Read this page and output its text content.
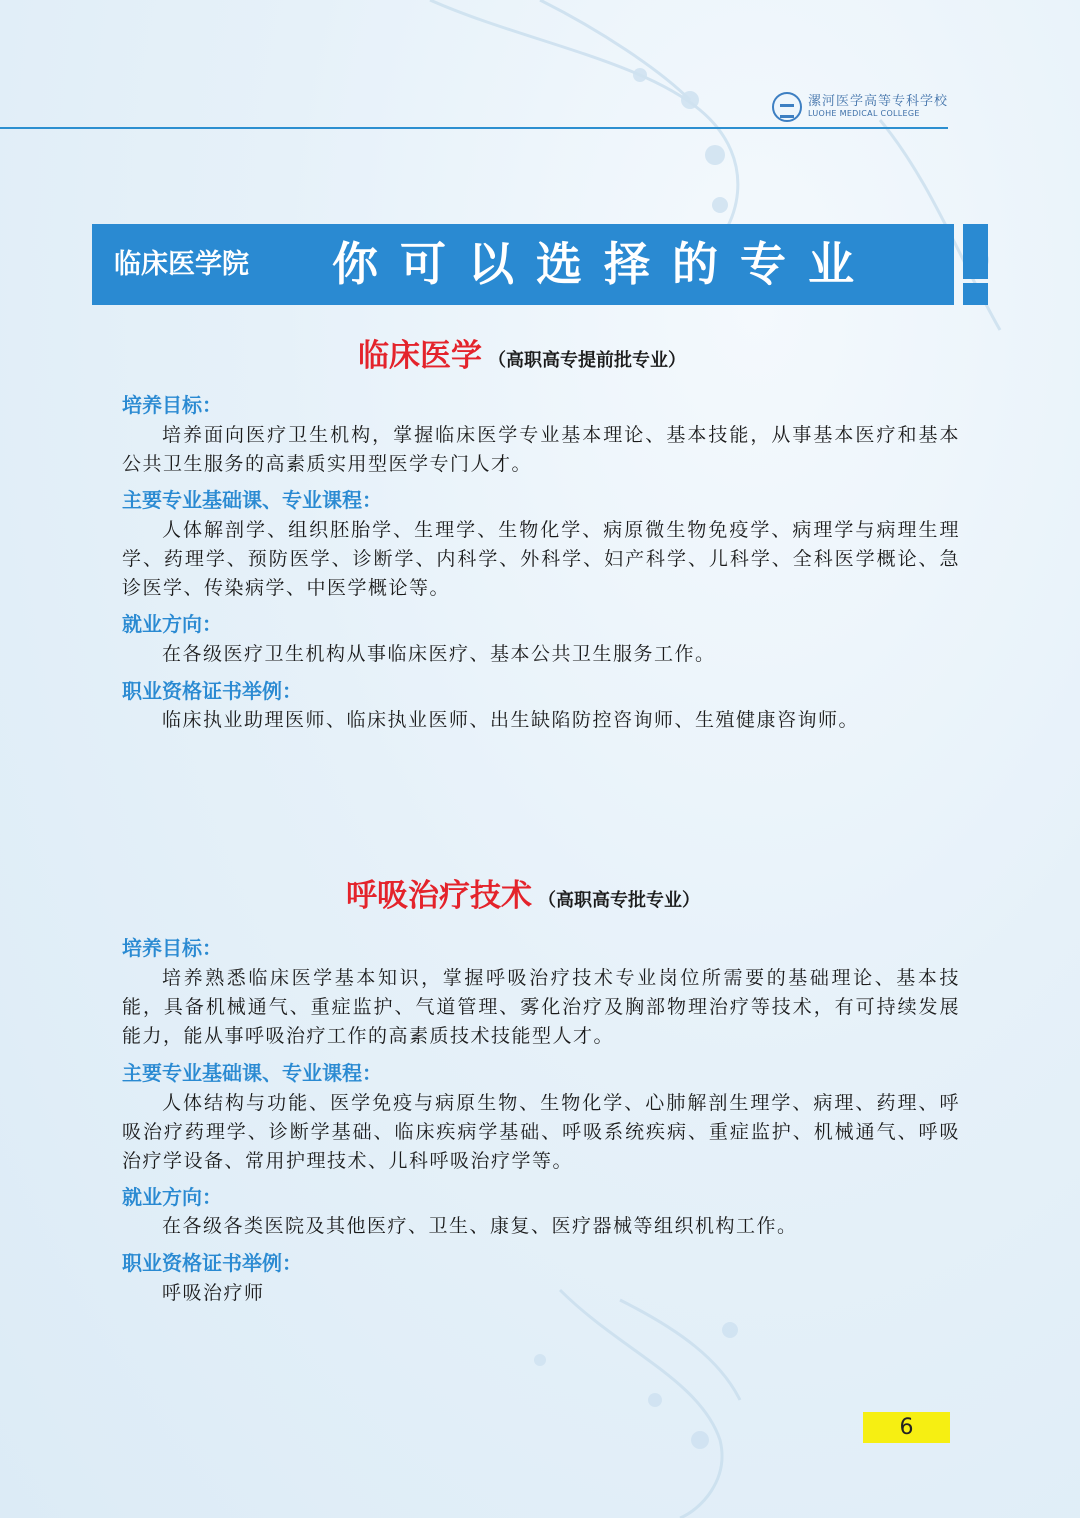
漯河医学高等专科学校
LUOHE MEDICAL COLLEGE
临床医学院 你可以选择的专业
临床医学 （高职高专提前批专业）
培养目标：

培养面向医疗卫生机构，掌握临床医学专业基本理论、基本技能，从事基本医疗和基本公共卫生服务的高素质实用型医学专门人才。

主要专业基础课、专业课程：

人体解剖学、组织胚胎学、生理学、生物化学、病原微生物免疫学、病理学与病理生理学、药理学、预防医学、诊断学、内科学、外科学、妇产科学、儿科学、全科医学概论、急诊医学、传染病学、中医学概论等。

就业方向：

在各级医疗卫生机构从事临床医疗、基本公共卫生服务工作。

职业资格证书举例：

临床执业助理医师、临床执业医师、出生缺陷防控咨询师、生殖健康咨询师。

呼吸治疗技术 （高职高专批专业）
培养目标：

培养熟悉临床医学基本知识，掌握呼吸治疗技术专业岗位所需要的基础理论、基本技能，具备机械通气、重症监护、气道管理、雾化治疗及胸部物理治疗等技术，有可持续发展能力，能从事呼吸治疗工作的高素质技术技能型人才。

主要专业基础课、专业课程：

人体结构与功能、医学免疫与病原生物、生物化学、心肺解剖生理学、病理、药理、呼吸治疗药理学、诊断学基础、临床疾病学基础、呼吸系统疾病、重症监护、机械通气、呼吸治疗学设备、常用护理技术、儿科呼吸治疗学等。

就业方向：

在各级各类医院及其他医疗、卫生、康复、医疗器械等组织机构工作。

职业资格证书举例：

呼吸治疗师

6
